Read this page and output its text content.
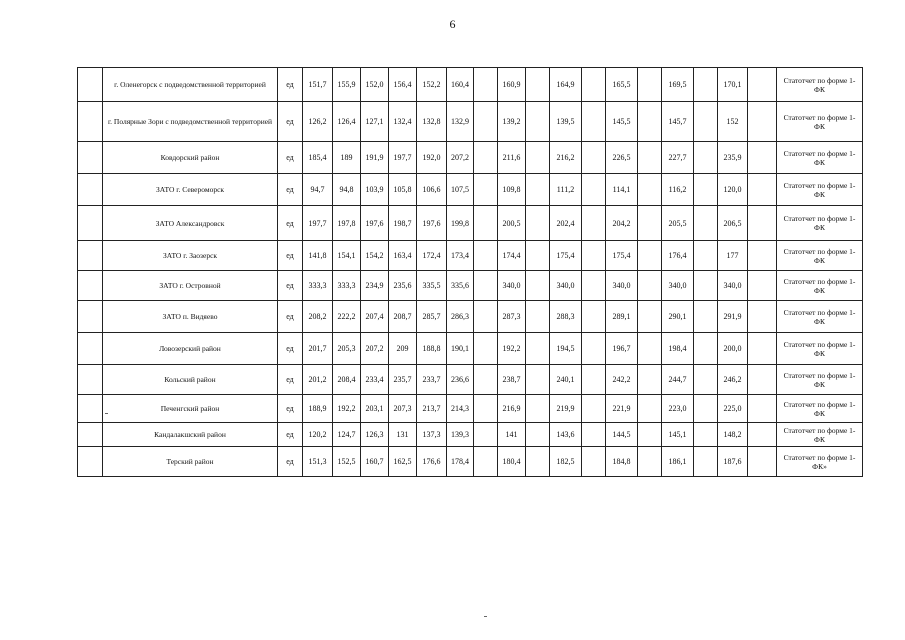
6
	г. Оленегорск с подведомственной территорией	ед	151,7	155,9	152,0	156,4	152,2	160,4		160,9		164,9		165,5		169,5		170,1		Статотчет по форме 1-ФК
	г. Полярные Зори с подведомственной территорией	ед	126,2	126,4	127,1	132,4	132,8	132,9		139,2		139,5		145,5		145,7		152		Статотчет по форме 1-ФК
	Ковдорский район	ед	185,4	189	191,9	197,7	192,0	207,2		211,6		216,2		226,5		227,7		235,9		Статотчет по форме 1-ФК
	ЗАТО г. Североморск	ед	94,7	94,8	103,9	105,8	106,6	107,5		109,8		111,2		114,1		116,2		120,0		Статотчет по форме 1-ФК
	ЗАТО Александровск	ед	197,7	197,8	197,6	198,7	197,6	199,8		200,5		202,4		204,2		205,5		206,5		Статотчет по форме 1-ФК
	ЗАТО г. Заозерск	ед	141,8	154,1	154,2	163,4	172,4	173,4		174,4		175,4		175,4		176,4		177		Статотчет по форме 1-ФК
	ЗАТО г. Островной	ед	333,3	333,3	234,9	235,6	335,5	335,6		340,0		340,0		340,0		340,0		340,0		Статотчет по форме 1-ФК
	ЗАТО п. Видяево	ед	208,2	222,2	207,4	208,7	285,7	286,3		287,3		288,3		289,1		290,1		291,9		Статотчет по форме 1-ФК
	Ловозерский район	ед	201,7	205,3	207,2	209	188,8	190,1		192,2		194,5		196,7		198,4		200,0		Статотчет по форме 1-ФК
	Кольский район	ед	201,2	208,4	233,4	235,7	233,7	236,6		238,7		240,1		242,2		244,7		246,2		Статотчет по форме 1-ФК
	Печенгский район	ед	188,9	192,2	203,1	207,3	213,7	214,3		216,9		219,9		221,9		223,0		225,0		Статотчет по форме 1-ФК
	Кандалакшский район	ед	120,2	124,7	126,3	131	137,3	139,3		141		143,6		144,5		145,1		148,2		Статотчет по форме 1-ФК
	Терский район	ед	151,3	152,5	160,7	162,5	176,6	178,4		180,4		182,5		184,8		186,1		187,6		Статотчет по форме 1-ФК»
